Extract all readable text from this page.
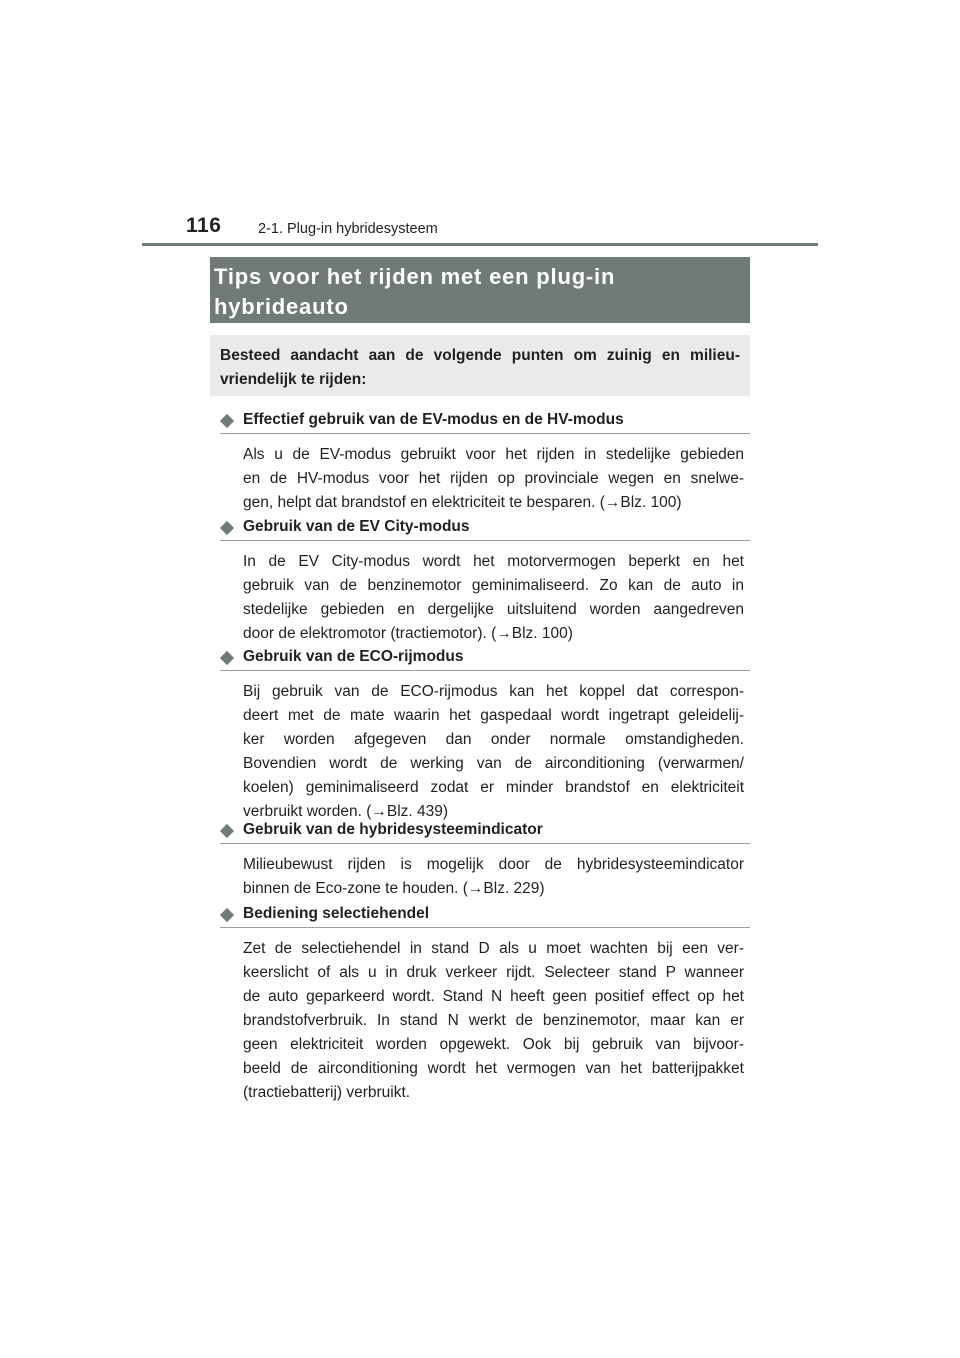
116	2-1. Plug-in hybridesysteem
Tips voor het rijden met een plug-in
hybrideauto
Besteed aandacht aan de volgende punten om zuinig en milieu-
vriendelijk te rijden:
Effectief gebruik van de EV-modus en de HV-modus
Als u de EV-modus gebruikt voor het rijden in stedelijke gebieden
en de HV-modus voor het rijden op provinciale wegen en snelwe-
gen, helpt dat brandstof en elektriciteit te besparen. (→Blz. 100)
Gebruik van de EV City-modus
In de EV City-modus wordt het motorvermogen beperkt en het
gebruik van de benzinemotor geminimaliseerd. Zo kan de auto in
stedelijke gebieden en dergelijke uitsluitend worden aangedreven
door de elektromotor (tractiemotor). (→Blz. 100)
Gebruik van de ECO-rijmodus
Bij gebruik van de ECO-rijmodus kan het koppel dat correspon-
deert met de mate waarin het gaspedaal wordt ingetrapt geleidelij-
ker worden afgegeven dan onder normale omstandigheden.
Bovendien wordt de werking van de airconditioning (verwarmen/
koelen) geminimaliseerd zodat er minder brandstof en elektriciteit
verbruikt worden. (→Blz. 439)
Gebruik van de hybridesysteemindicator
Milieubewust rijden is mogelijk door de hybridesysteemindicator
binnen de Eco-zone te houden. (→Blz. 229)
Bediening selectiehendel
Zet de selectiehendel in stand D als u moet wachten bij een ver-
keerslicht of als u in druk verkeer rijdt. Selecteer stand P wanneer
de auto geparkeerd wordt. Stand N heeft geen positief effect op het
brandstofverbruik. In stand N werkt de benzinemotor, maar kan er
geen elektriciteit worden opgewekt. Ook bij gebruik van bijvoor-
beeld de airconditioning wordt het vermogen van het batterijpakket
(tractiebatterij) verbruikt.
